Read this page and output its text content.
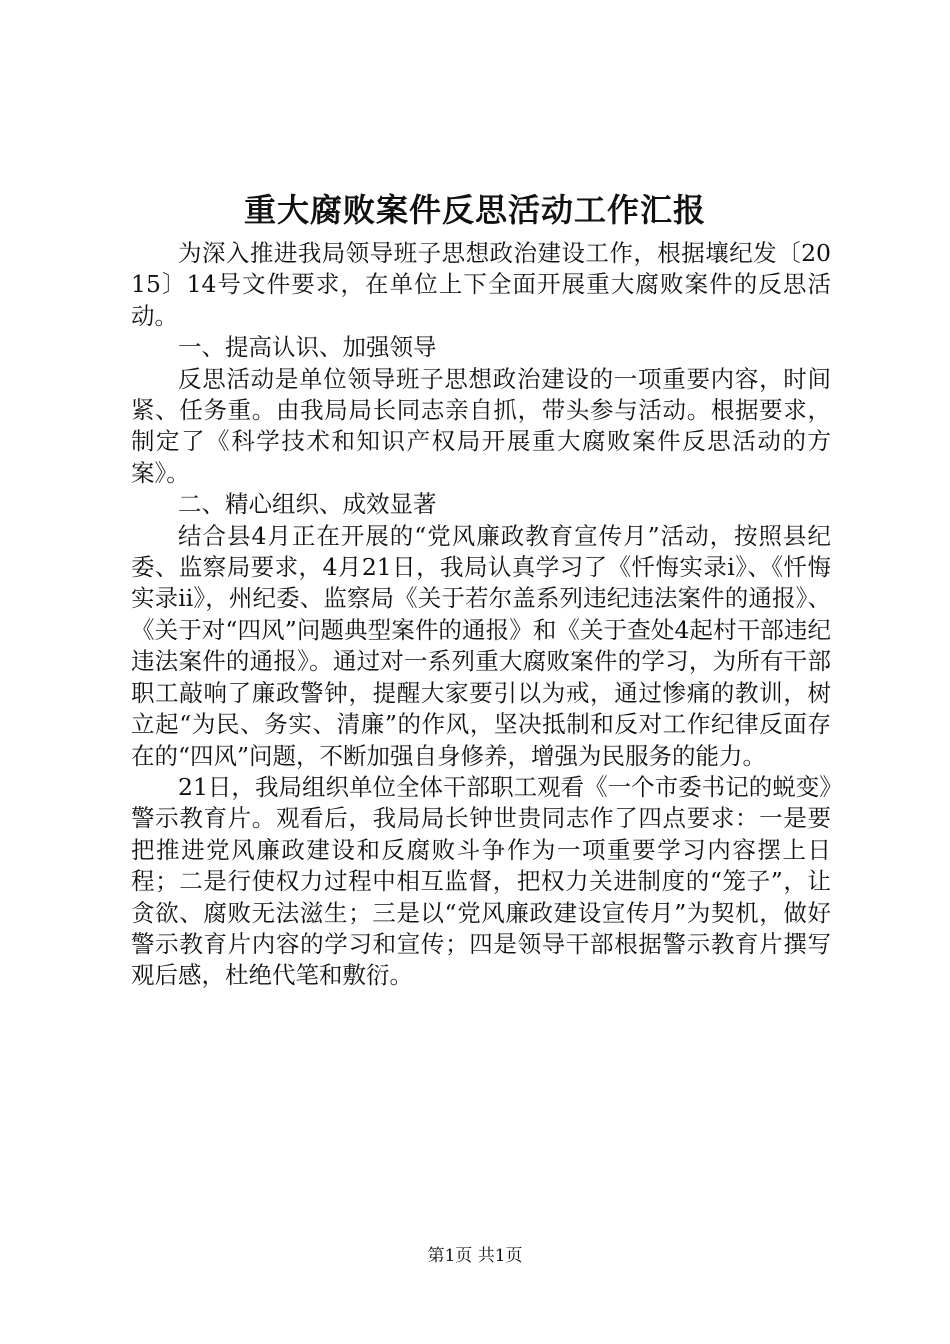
重大腐败案件反思活动工作汇报

为深入推进我局领导班子思想政治建设工作，根据壤纪发〔2015〕14号文件要求，在单位上下全面开展重大腐败案件的反思活动。

一、提高认识、加强领导

反思活动是单位领导班子思想政治建设的一项重要内容，时间紧、任务重。由我局局长同志亲自抓，带头参与活动。根据要求，制定了《科学技术和知识产权局开展重大腐败案件反思活动的方案》。

二、精心组织、成效显著

结合县4月正在开展的“党风廉政教育宣传月”活动，按照县纪委、监察局要求，4月21日，我局认真学习了《忏悔实录ⅰ》、《忏悔实录ⅱ》，州纪委、监察局《关于若尔盖系列违纪违法案件的通报》、《关于对“四风”问题典型案件的通报》和《关于查处4起村干部违纪违法案件的通报》。通过对一系列重大腐败案件的学习，为所有干部职工敲响了廉政警钟，提醒大家要引以为戒，通过惨痛的教训，树立起“为民、务实、清廉”的作风，坚决抵制和反对工作纪律反面存在的“四风”问题，不断加强自身修养，增强为民服务的能力。

21日，我局组织单位全体干部职工观看《一个市委书记的蜕变》警示教育片。观看后，我局局长钟世贵同志作了四点要求：一是要把推进党风廉政建设和反腐败斗争作为一项重要学习内容摆上日程；二是行使权力过程中相互监督，把权力关进制度的“笼子”，让贪欲、腐败无法滋生；三是以“党风廉政建设宣传月”为契机，做好警示教育片内容的学习和宣传；四是领导干部根据警示教育片撰写观后感，杜绝代笔和敷衍。

第1页 共1页
